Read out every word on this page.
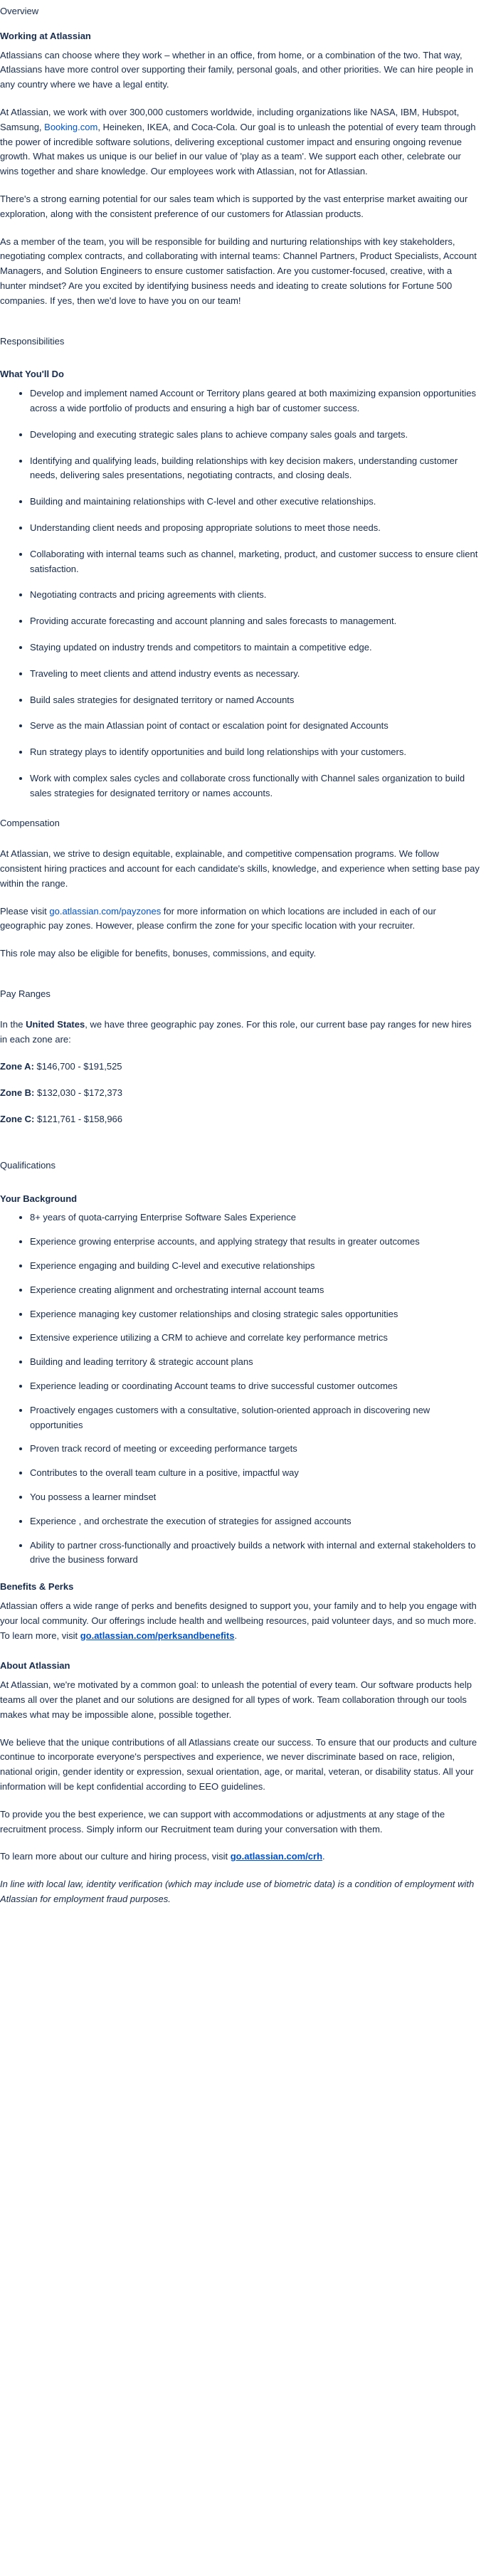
Overview
Working at Atlassian

Atlassians can choose where they work – whether in an office, from home, or a combination of the two. That way, Atlassians have more control over supporting their family, personal goals, and other priorities. We can hire people in any country where we have a legal entity.

At Atlassian, we work with over 300,000 customers worldwide, including organizations like NASA, IBM, Hubspot, Samsung, Booking.com, Heineken, IKEA, and Coca-Cola. Our goal is to unleash the potential of every team through the power of incredible software solutions, delivering exceptional customer impact and ensuring ongoing revenue growth. What makes us unique is our belief in our value of 'play as a team'. We support each other, celebrate our wins together and share knowledge. Our employees work with Atlassian, not for Atlassian.

There's a strong earning potential for our sales team which is supported by the vast enterprise market awaiting our exploration, along with the consistent preference of our customers for Atlassian products.

As a member of the team, you will be responsible for building and nurturing relationships with key stakeholders, negotiating complex contracts, and collaborating with internal teams: Channel Partners, Product Specialists, Account Managers, and Solution Engineers to ensure customer satisfaction. Are you customer-focused, creative, with a hunter mindset? Are you excited by identifying business needs and ideating to create solutions for Fortune 500 companies. If yes, then we'd love to have you on our team!

Responsibilities
What You'll Do
• Develop and implement named Account or Territory plans geared at both maximizing expansion opportunities across a wide portfolio of products and ensuring a high bar of customer success.
• Developing and executing strategic sales plans to achieve company sales goals and targets.
• Identifying and qualifying leads, building relationships with key decision makers, understanding customer needs, delivering sales presentations, negotiating contracts, and closing deals.
• Building and maintaining relationships with C-level and other executive relationships.
• Understanding client needs and proposing appropriate solutions to meet those needs.
• Collaborating with internal teams such as channel, marketing, product, and customer success to ensure client satisfaction.
• Negotiating contracts and pricing agreements with clients.
• Providing accurate forecasting and account planning and sales forecasts to management.
• Staying updated on industry trends and competitors to maintain a competitive edge.
• Traveling to meet clients and attend industry events as necessary.
• Build sales strategies for designated territory or named Accounts
• Serve as the main Atlassian point of contact or escalation point for designated Accounts
• Run strategy plays to identify opportunities and build long relationships with your customers.
• Work with complex sales cycles and collaborate cross functionally with Channel sales organization to build sales strategies for designated territory or names accounts.
Compensation

At Atlassian, we strive to design equitable, explainable, and competitive compensation programs. We follow consistent hiring practices and account for each candidate's skills, knowledge, and experience when setting base pay within the range.

Please visit go.atlassian.com/payzones for more information on which locations are included in each of our geographic pay zones. However, please confirm the zone for your specific location with your recruiter.

This role may also be eligible for benefits, bonuses, commissions, and equity.

Pay Ranges

In the United States, we have three geographic pay zones. For this role, our current base pay ranges for new hires in each zone are:

Zone A: $146,700 - $191,525
Zone B: $132,030 - $172,373
Zone C: $121,761 - $158,966
Qualifications
Your Background
• 8+ years of quota-carrying Enterprise Software Sales Experience
• Experience growing enterprise accounts, and applying strategy that results in greater outcomes
• Experience engaging and building C-level and executive relationships
• Experience creating alignment and orchestrating internal account teams
• Experience managing key customer relationships and closing strategic sales opportunities
• Extensive experience utilizing a CRM to achieve and correlate key performance metrics
• Building and leading territory & strategic account plans
• Experience leading or coordinating Account teams to drive successful customer outcomes
• Proactively engages customers with a consultative, solution-oriented approach in discovering new opportunities
• Proven track record of meeting or exceeding performance targets
• Contributes to the overall team culture in a positive, impactful way
• You possess a learner mindset
• Experience , and orchestrate the execution of strategies for assigned accounts
• Ability to partner cross-functionally and proactively builds a network with internal and external stakeholders to drive the business forward
Benefits & Perks

Atlassian offers a wide range of perks and benefits designed to support you, your family and to help you engage with your local community. Our offerings include health and wellbeing resources, paid volunteer days, and so much more. To learn more, visit go.atlassian.com/perksandbenefits.

About Atlassian

At Atlassian, we're motivated by a common goal: to unleash the potential of every team. Our software products help teams all over the planet and our solutions are designed for all types of work. Team collaboration through our tools makes what may be impossible alone, possible together.

We believe that the unique contributions of all Atlassians create our success. To ensure that our products and culture continue to incorporate everyone's perspectives and experience, we never discriminate based on race, religion, national origin, gender identity or expression, sexual orientation, age, or marital, veteran, or disability status. All your information will be kept confidential according to EEO guidelines.

To provide you the best experience, we can support with accommodations or adjustments at any stage of the recruitment process. Simply inform our Recruitment team during your conversation with them.

To learn more about our culture and hiring process, visit go.atlassian.com/crh.

In line with local law, identity verification (which may include use of biometric data) is a condition of employment with Atlassian for employment fraud purposes.
